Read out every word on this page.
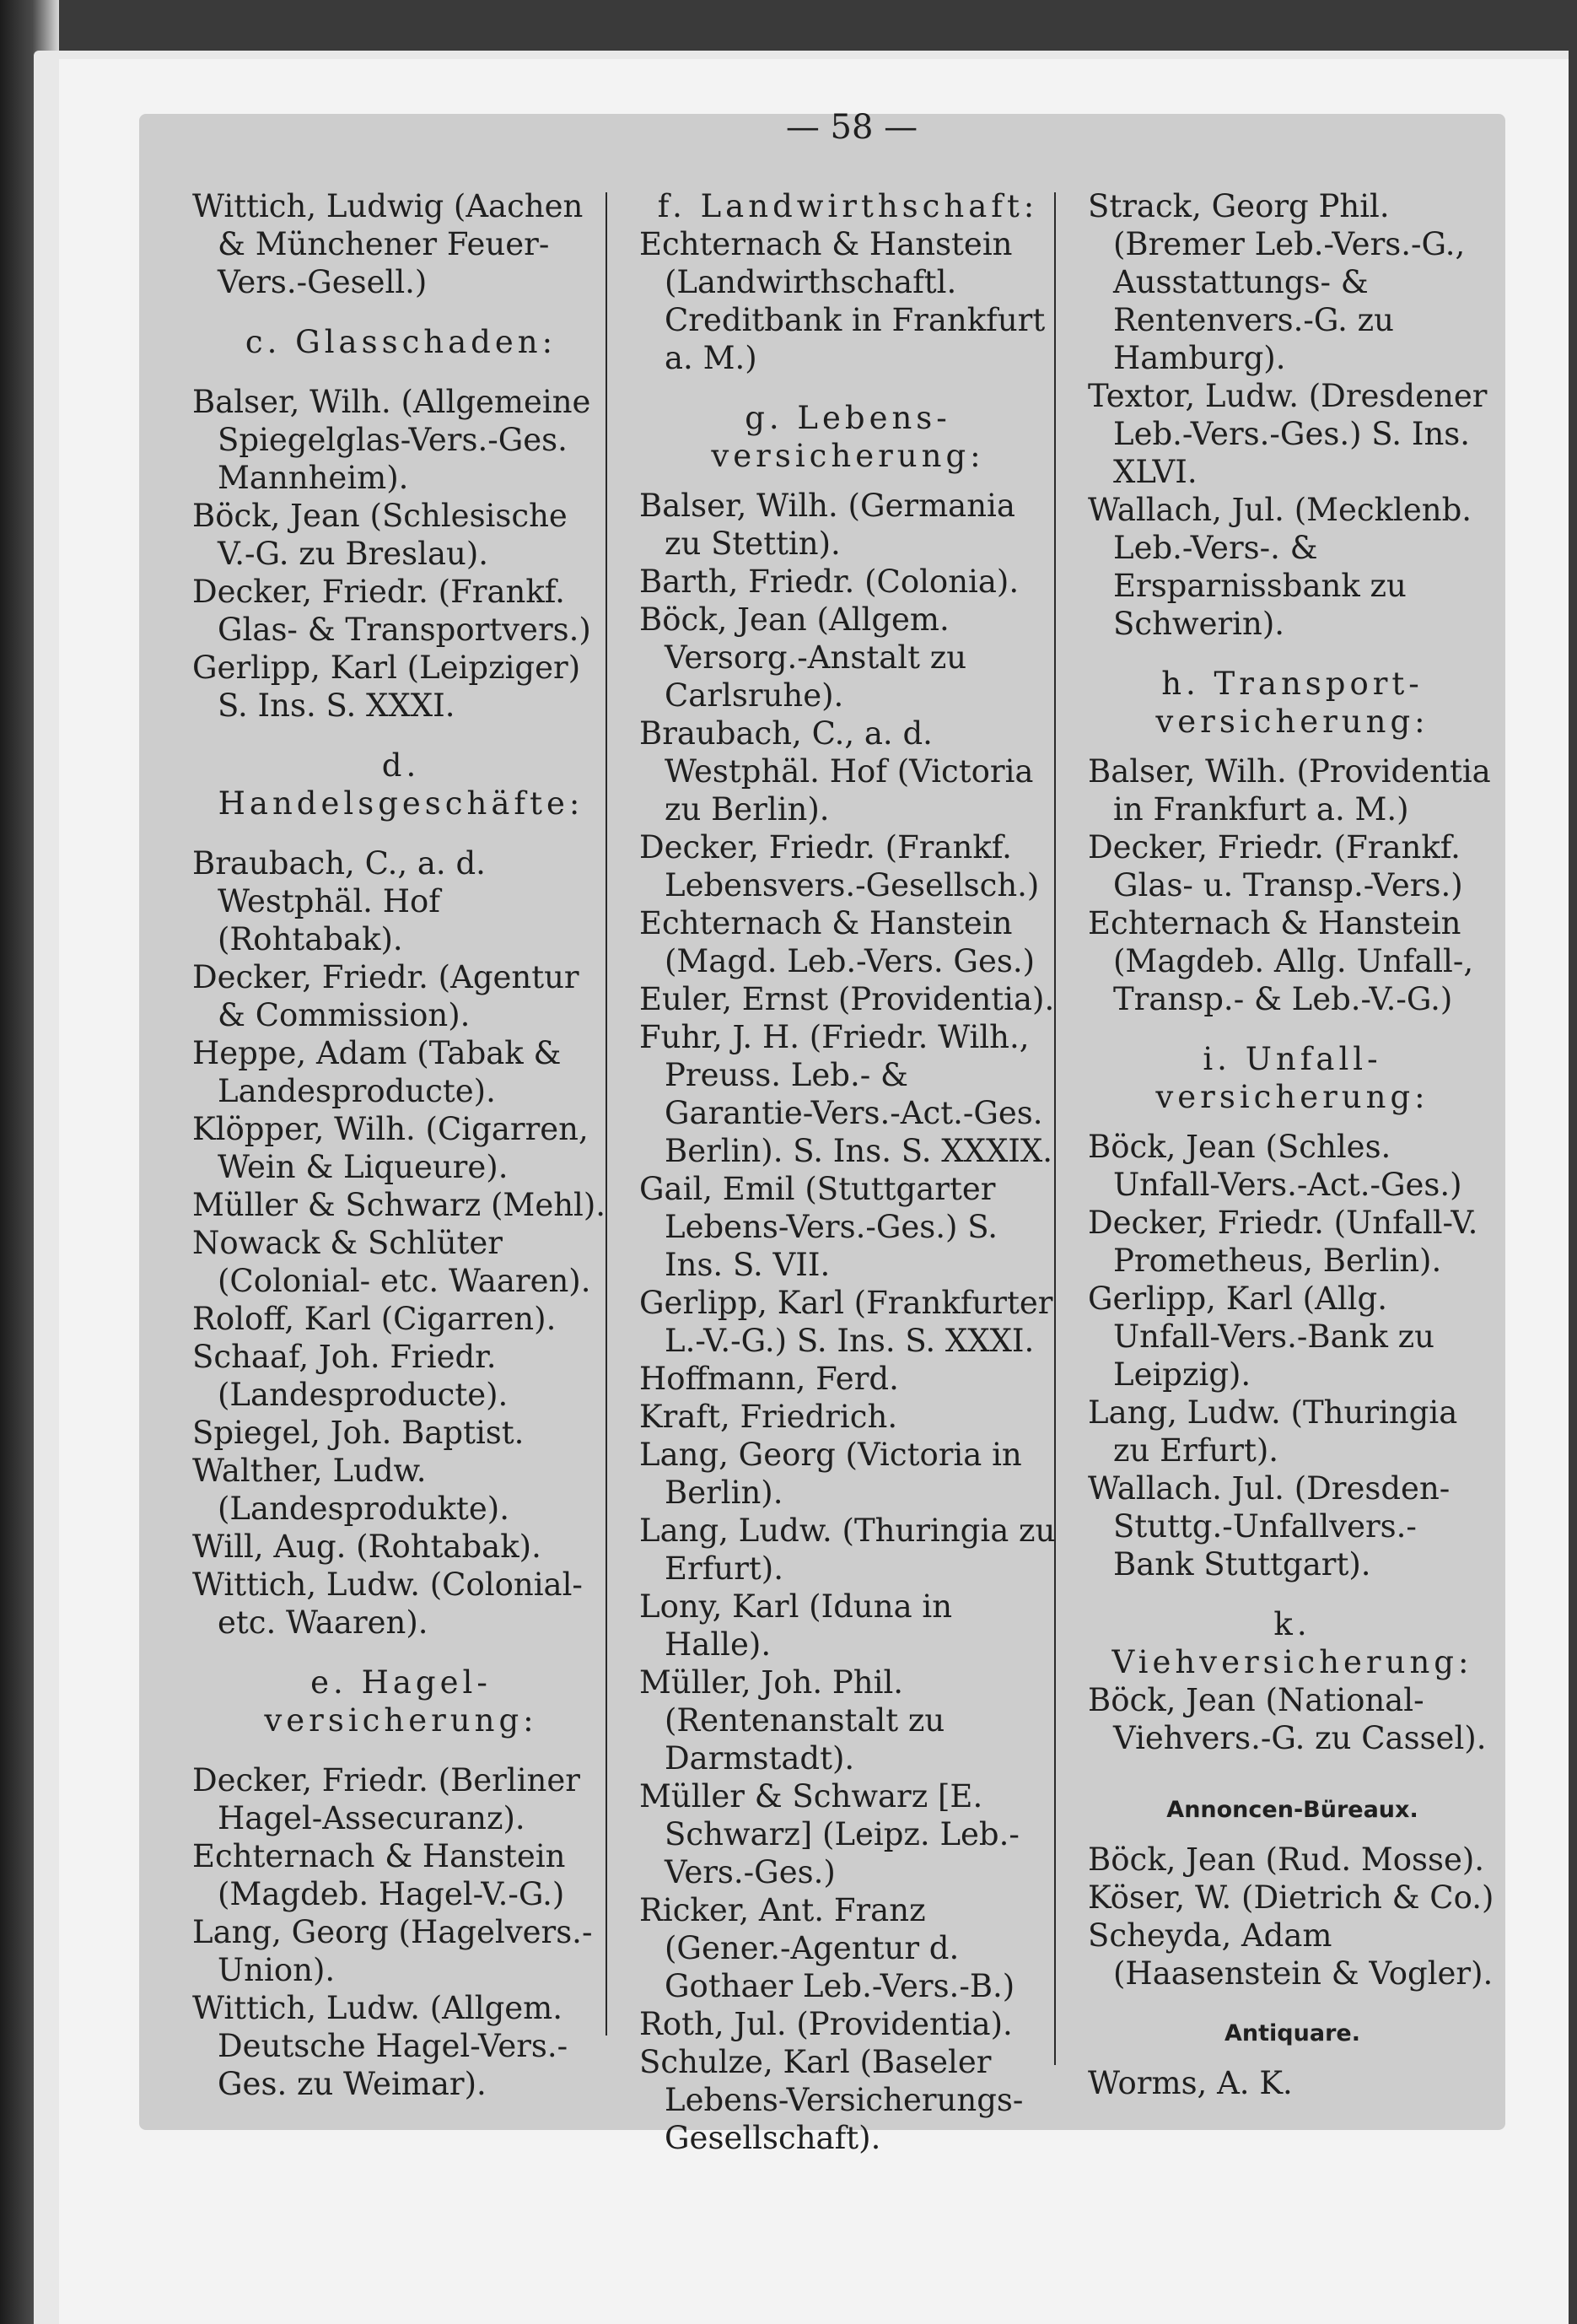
— 58 —

Wittich, Ludwig (Aachen & Münchener Feuer-Vers.-Gesell.)

c. Glasschaden:

Balser, Wilh. (Allgemeine Spiegelglas-Vers.-Ges. Mannheim).

Böck, Jean (Schlesische V.-G. zu Breslau).

Decker, Friedr. (Frankf. Glas- & Transportvers.)

Gerlipp, Karl (Leipziger) S. Ins. S. XXXI.

d. Handelsgeschäfte:

Braubach, C., a. d. Westphäl. Hof (Rohtabak).

Decker, Friedr. (Agentur & Commission).

Heppe, Adam (Tabak & Landesproducte).

Klöpper, Wilh. (Cigarren, Wein & Liqueure).

Müller & Schwarz (Mehl).

Nowack & Schlüter (Colonial- etc. Waaren).

Roloff, Karl (Cigarren).

Schaaf, Joh. Friedr. (Landesproducte).

Spiegel, Joh. Baptist.

Walther, Ludw. (Landesprodukte).

Will, Aug. (Rohtabak).

Wittich, Ludw. (Colonial- etc. Waaren).

e. Hagel-versicherung:

Decker, Friedr. (Berliner Hagel-Assecuranz).

Echternach & Hanstein (Magdeb. Hagel-V.-G.)

Lang, Georg (Hagelvers.-Union).

Wittich, Ludw. (Allgem. Deutsche Hagel-Vers.-Ges. zu Weimar).

f. Landwirthschaft:

Echternach & Hanstein (Landwirthschaftl. Creditbank in Frankfurt a. M.)

g. Lebens-versicherung:

Balser, Wilh. (Germania zu Stettin).

Barth, Friedr. (Colonia).

Böck, Jean (Allgem. Versorg.-Anstalt zu Carlsruhe).

Braubach, C., a. d. Westphäl. Hof (Victoria zu Berlin).

Decker, Friedr. (Frankf. Lebensvers.-Gesellsch.)

Echternach & Hanstein (Magd. Leb.-Vers. Ges.)

Euler, Ernst (Providentia).

Fuhr, J. H. (Friedr. Wilh., Preuss. Leb.- & Garantie-Vers.-Act.-Ges. Berlin). S. Ins. S. XXXIX.

Gail, Emil (Stuttgarter Lebens-Vers.-Ges.) S. Ins. S. VII.

Gerlipp, Karl (Frankfurter L.-V.-G.) S. Ins. S. XXXI.

Hoffmann, Ferd.

Kraft, Friedrich.

Lang, Georg (Victoria in Berlin).

Lang, Ludw. (Thuringia zu Erfurt).

Lony, Karl (Iduna in Halle).

Müller, Joh. Phil. (Rentenanstalt zu Darmstadt).

Müller & Schwarz [E. Schwarz] (Leipz. Leb.-Vers.-Ges.)

Ricker, Ant. Franz (Gener.-Agentur d. Gothaer Leb.-Vers.-B.)

Roth, Jul. (Providentia).

Schulze, Karl (Baseler Lebens-Versicherungs-Gesellschaft).

Strack, Georg Phil. (Bremer Leb.-Vers.-G., Ausstattungs- & Rentenvers.-G. zu Hamburg).

Textor, Ludw. (Dresdener Leb.-Vers.-Ges.) S. Ins. XLVI.

Wallach, Jul. (Mecklenb. Leb.-Vers-. & Ersparnissbank zu Schwerin).

h. Transport-versicherung:

Balser, Wilh. (Providentia in Frankfurt a. M.)

Decker, Friedr. (Frankf. Glas- u. Transp.-Vers.)

Echternach & Hanstein (Magdeb. Allg. Unfall-, Transp.- & Leb.-V.-G.)

i. Unfall-versicherung:

Böck, Jean (Schles. Unfall-Vers.-Act.-Ges.)

Decker, Friedr. (Unfall-V. Prometheus, Berlin).

Gerlipp, Karl (Allg. Unfall-Vers.-Bank zu Leipzig).

Lang, Ludw. (Thuringia zu Erfurt).

Wallach. Jul. (Dresden-Stuttg.-Unfallvers.-Bank Stuttgart).

k. Viehversicherung:

Böck, Jean (National-Viehvers.-G. zu Cassel).

Annoncen-Büreaux.

Böck, Jean (Rud. Mosse).

Köser, W. (Dietrich & Co.)

Scheyda, Adam (Haasenstein & Vogler).

Antiquare.

Worms, A. K.
